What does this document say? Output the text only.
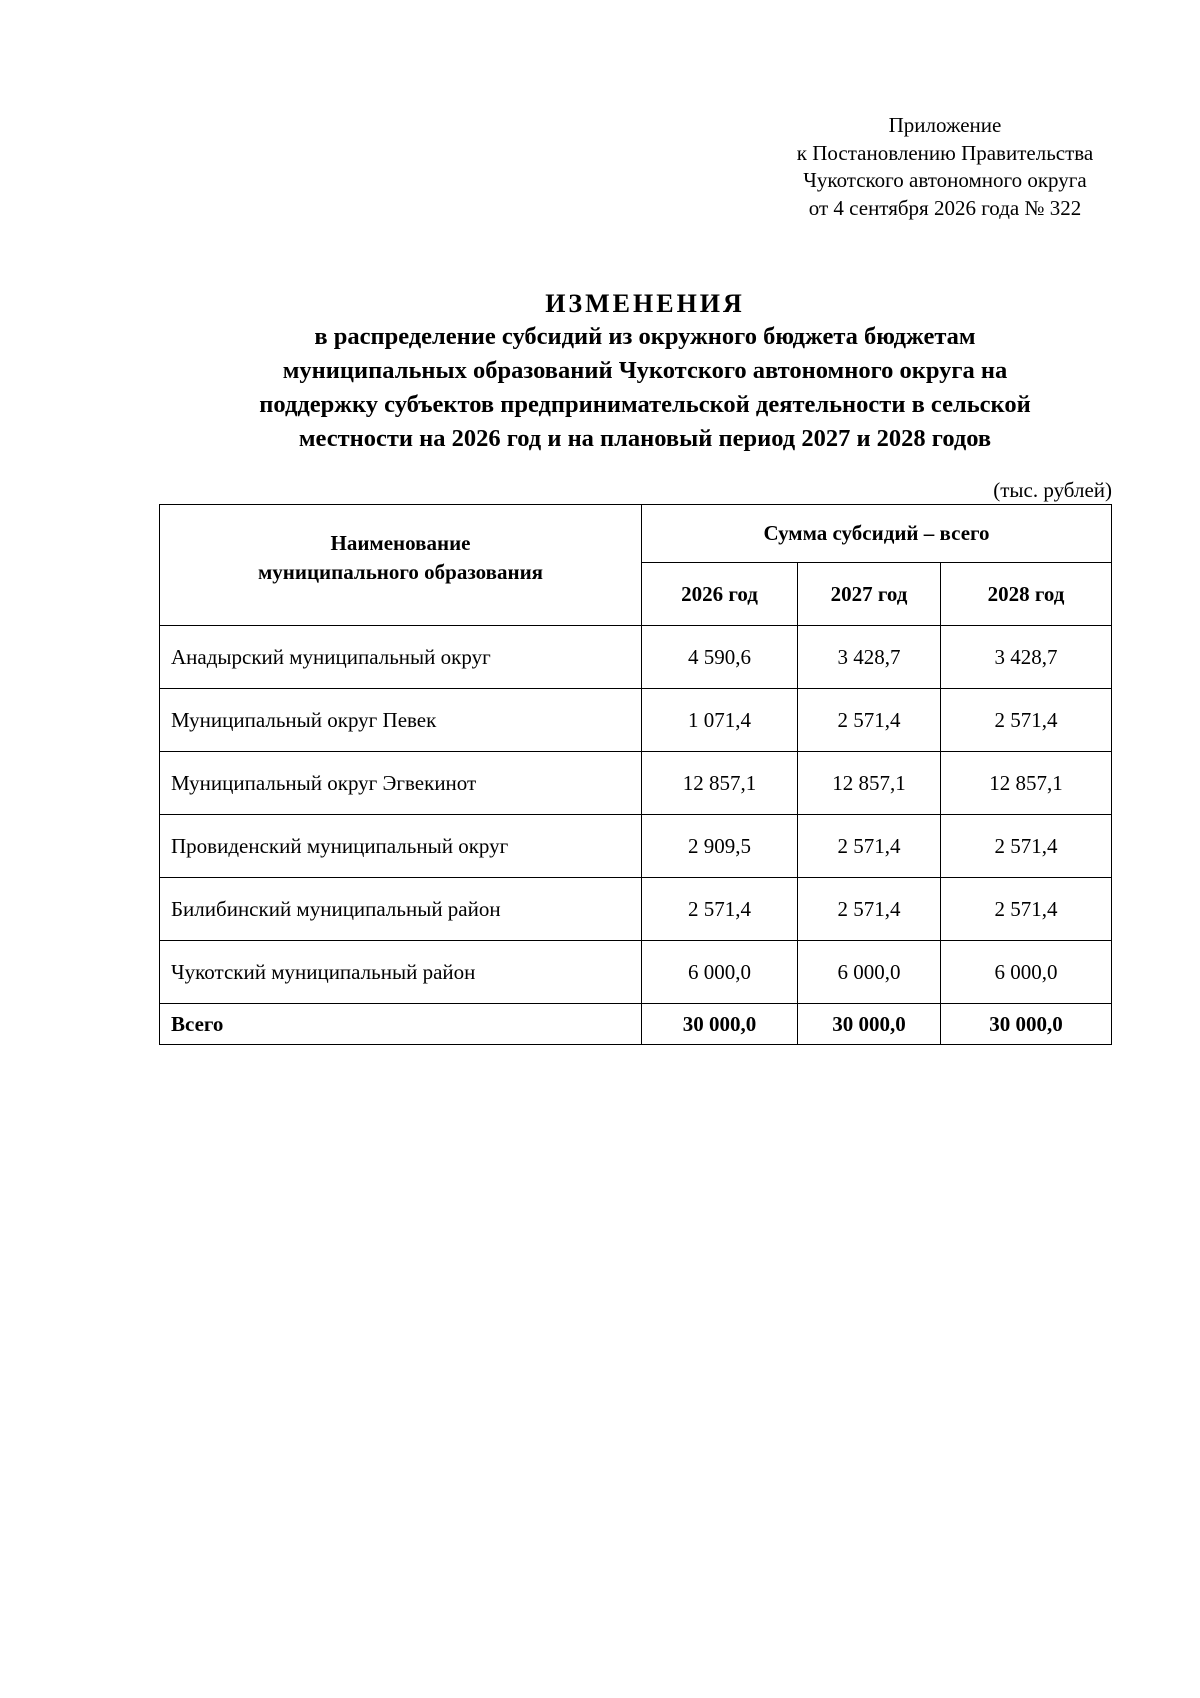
Приложение
к Постановлению Правительства
Чукотского автономного округа
от 4 сентября 2026 года № 322
ИЗМЕНЕНИЯ
в распределение субсидий из окружного бюджета бюджетам
муниципальных образований Чукотского автономного округа на
поддержку субъектов предпринимательской деятельности в сельской
местности на 2026 год и на плановый период 2027 и 2028 годов
(тыс. рублей)
Наименование
муниципального образования	Сумма субсидий – всего		
	2026 год	2027 год	2028 год
Анадырский муниципальный округ	4 590,6	3 428,7	3 428,7
Муниципальный округ Певек	1 071,4	2 571,4	2 571,4
Муниципальный округ Эгвекинот	12 857,1	12 857,1	12 857,1
Провиденский муниципальный округ	2 909,5	2 571,4	2 571,4
Билибинский муниципальный район	2 571,4	2 571,4	2 571,4
Чукотский муниципальный район	6 000,0	6 000,0	6 000,0
Всего	30 000,0	30 000,0	30 000,0
